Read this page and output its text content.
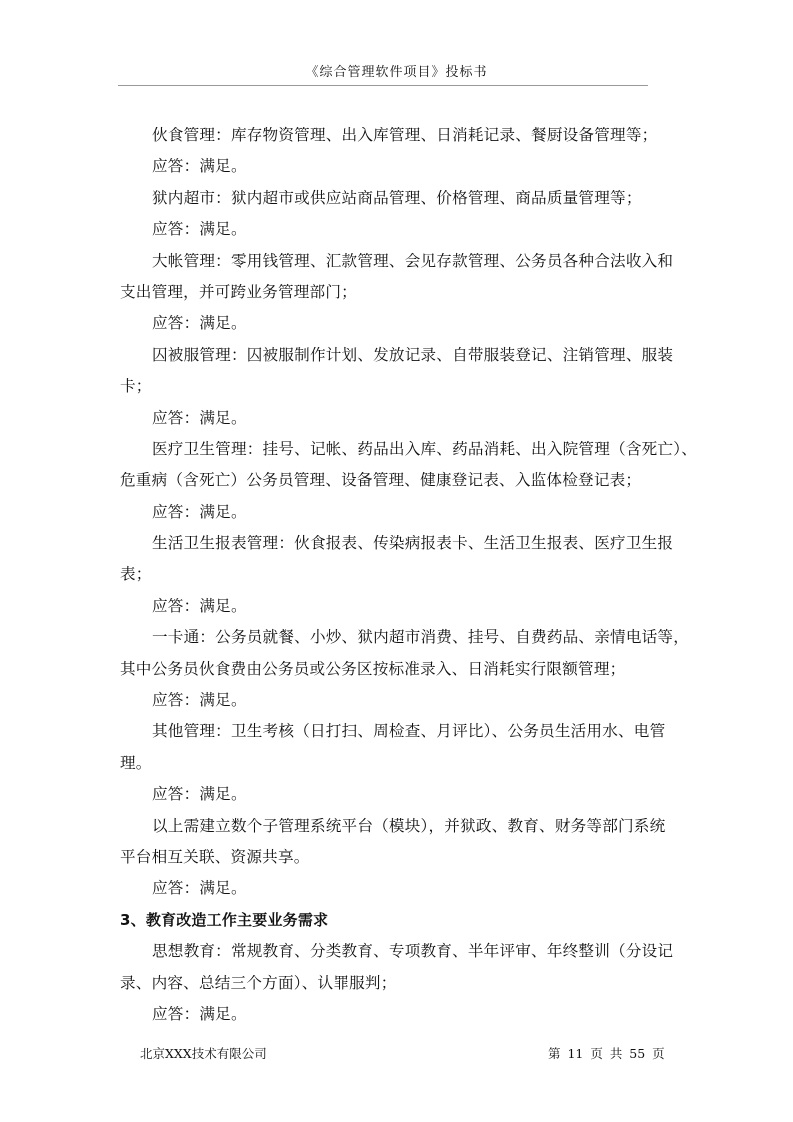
《综合管理软件项目》投标书
伙食管理：库存物资管理、出入库管理、日消耗记录、餐厨设备管理等；
应答：满足。
狱内超市：狱内超市或供应站商品管理、价格管理、商品质量管理等；
应答：满足。
大帐管理：零用钱管理、汇款管理、会见存款管理、公务员各种合法收入和
支出管理，并可跨业务管理部门；
应答：满足。
囚被服管理：囚被服制作计划、发放记录、自带服装登记、注销管理、服装
卡；
应答：满足。
医疗卫生管理：挂号、记帐、药品出入库、药品消耗、出入院管理（含死亡）、
危重病（含死亡）公务员管理、设备管理、健康登记表、入监体检登记表；
应答：满足。
生活卫生报表管理：伙食报表、传染病报表卡、生活卫生报表、医疗卫生报
表；
应答：满足。
一卡通：公务员就餐、小炒、狱内超市消费、挂号、自费药品、亲情电话等，
其中公务员伙食费由公务员或公务区按标准录入、日消耗实行限额管理；
应答：满足。
其他管理：卫生考核（日打扫、周检查、月评比）、公务员生活用水、电管
理。
应答：满足。
以上需建立数个子管理系统平台（模块），并狱政、教育、财务等部门系统
平台相互关联、资源共享。
应答：满足。
3、教育改造工作主要业务需求
思想教育：常规教育、分类教育、专项教育、半年评审、年终整训（分设记
录、内容、总结三个方面）、认罪服判；
应答：满足。
北京XXX技术有限公司	第 11 页 共 55 页
